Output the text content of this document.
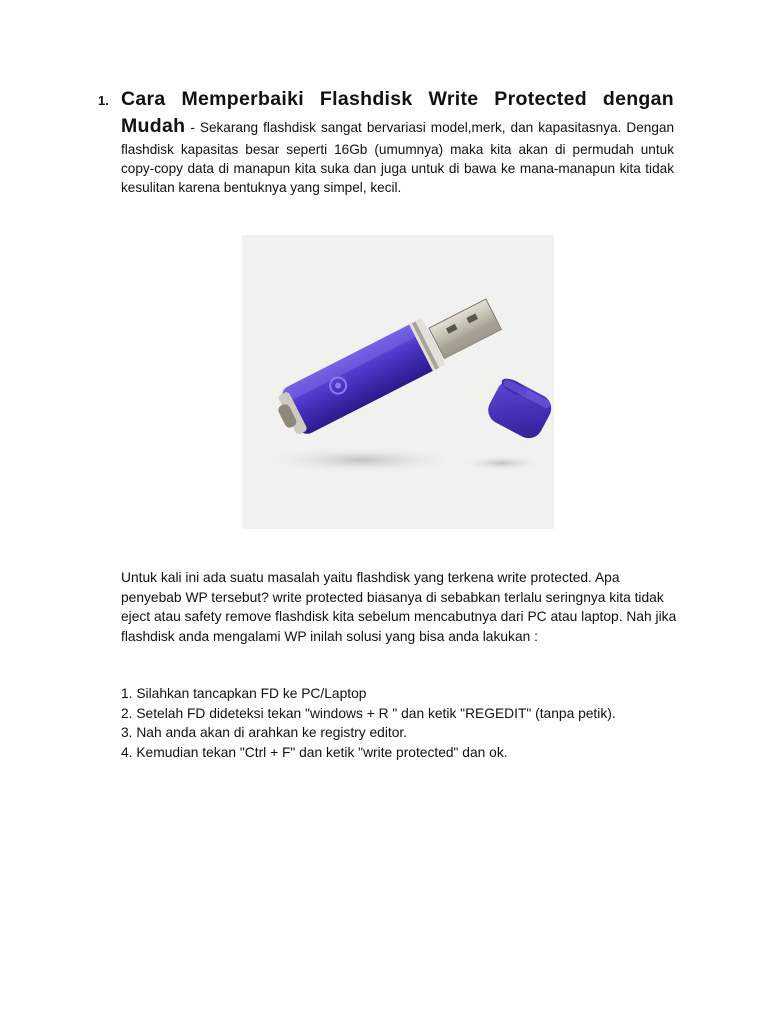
1. Cara Memperbaiki Flashdisk Write Protected dengan Mudah - Sekarang flashdisk sangat bervariasi model,merk, dan kapasitasnya. Dengan flashdisk kapasitas besar seperti 16Gb (umumnya) maka kita akan di permudah untuk copy-copy data di manapun kita suka dan juga untuk di bawa ke mana-manapun kita tidak kesulitan karena bentuknya yang simpel, kecil.

Untuk kali ini ada suatu masalah yaitu flashdisk yang terkena write protected. Apa penyebab WP tersebut? write protected biasanya di sebabkan terlalu seringnya kita tidak eject atau safety remove flashdisk kita sebelum mencabutnya dari PC atau laptop. Nah jika flashdisk anda mengalami WP inilah solusi yang bisa anda lakukan :

1. Silahkan tancapkan FD ke PC/Laptop
2. Setelah FD dideteksi tekan "windows + R " dan ketik "REGEDIT" (tanpa petik).
3. Nah anda akan di arahkan ke registry editor.
4. Kemudian tekan "Ctrl + F" dan ketik "write protected" dan ok.
